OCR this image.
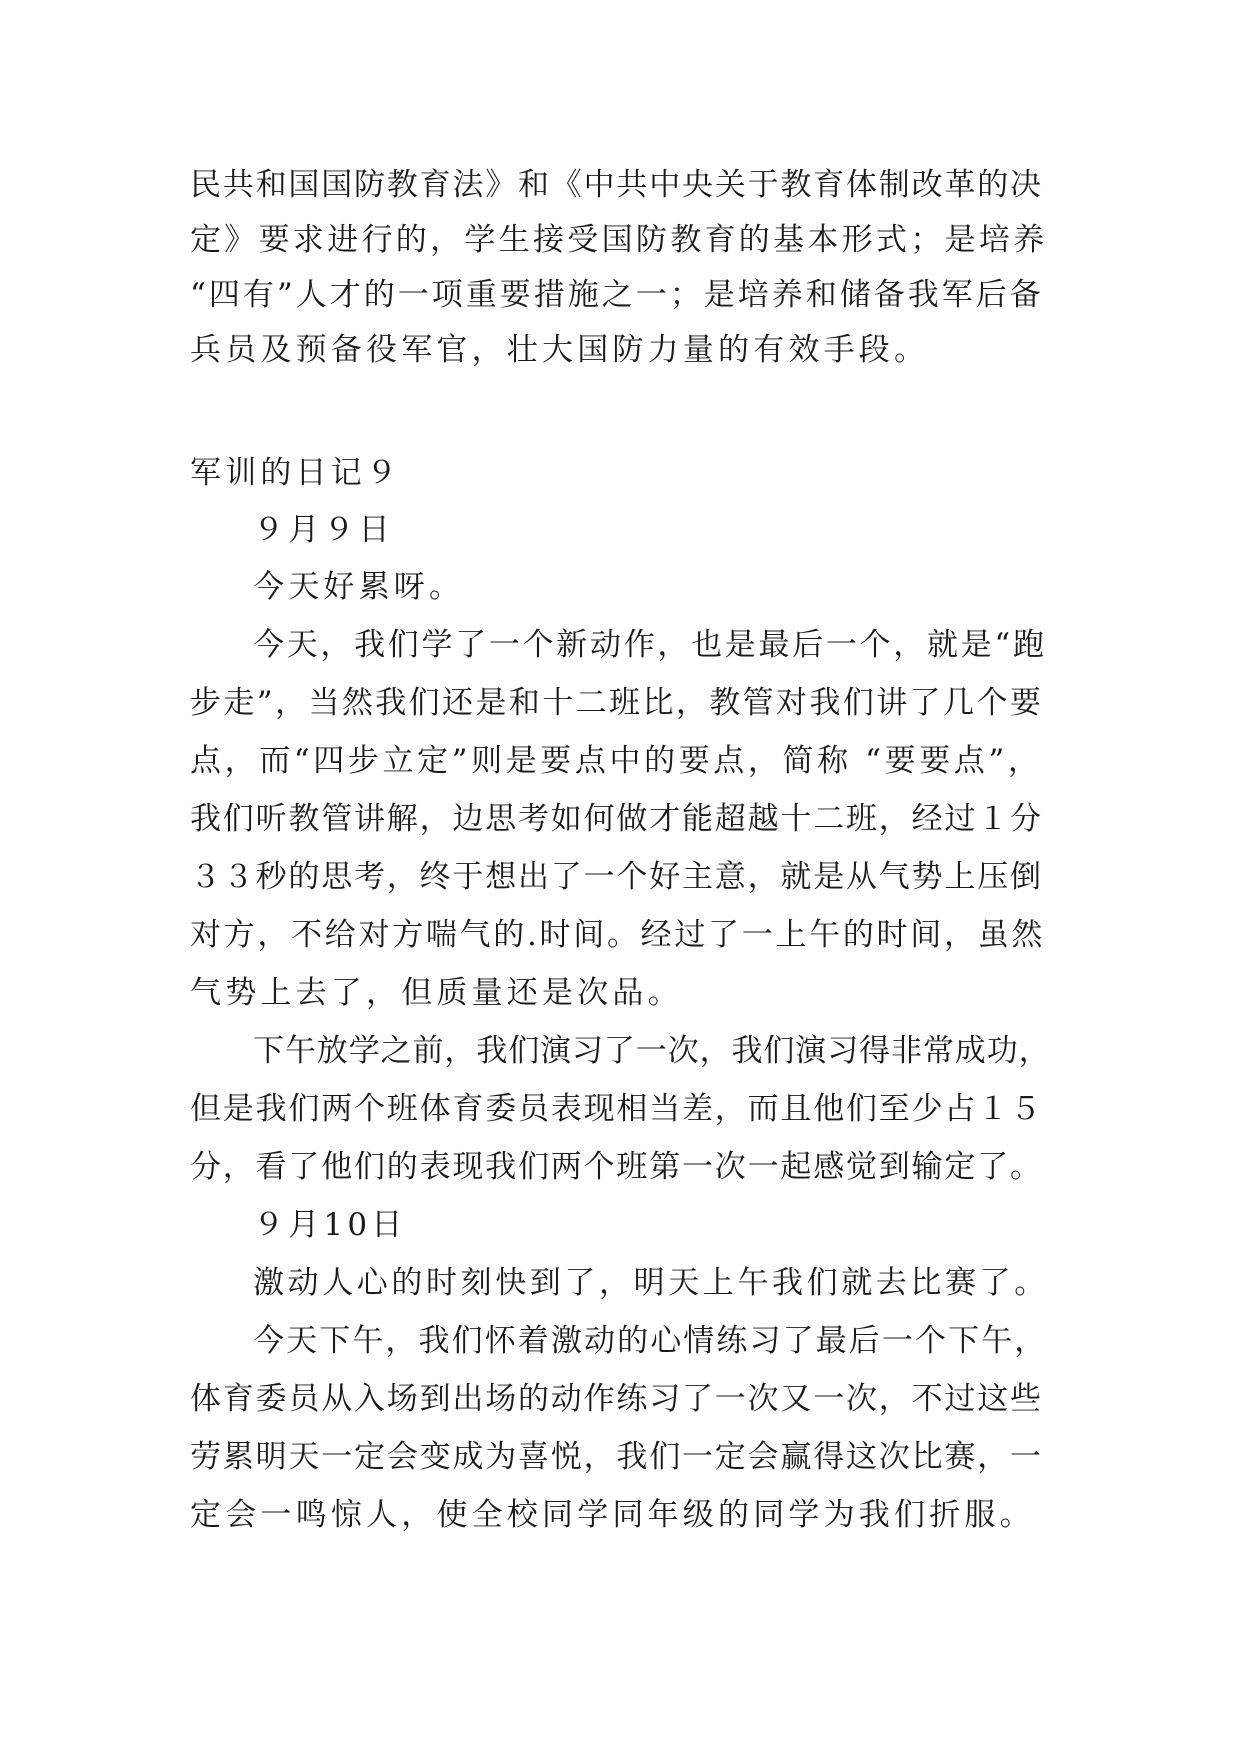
民共和国国防教育法》和《中共中央关于教育体制改革的决
定》要求进行的，学生接受国防教育的基本形式；是培养
“四有”人才的一项重要措施之一；是培养和储备我军后备
兵员及预备役军官，壮大国防力量的有效手段。
军训的日记９
９月９日
今天好累呀。
今天，我们学了一个新动作，也是最后一个，就是“跑
步走”，当然我们还是和十二班比，教管对我们讲了几个要
点，而“四步立定”则是要点中的要点，简称 “要要点”，
我们听教管讲解，边思考如何做才能超越十二班，经过１分
３３秒的思考，终于想出了一个好主意，就是从气势上压倒
对方，不给对方喘气的.时间。经过了一上午的时间，虽然
气势上去了，但质量还是次品。
下午放学之前，我们演习了一次，我们演习得非常成功，
但是我们两个班体育委员表现相当差，而且他们至少占１５
分，看了他们的表现我们两个班第一次一起感觉到输定了。
９月10日
激动人心的时刻快到了，明天上午我们就去比赛了。
今天下午，我们怀着激动的心情练习了最后一个下午，
体育委员从入场到出场的动作练习了一次又一次，不过这些
劳累明天一定会变成为喜悦，我们一定会赢得这次比赛，一
定会一鸣惊人，使全校同学同年级的同学为我们折服。
